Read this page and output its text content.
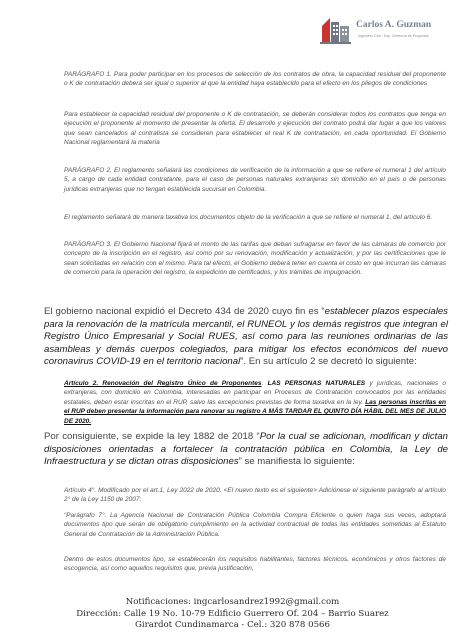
Carlos A. Guzman
Ingeniero Civil - Esp. Gerencia de Proyectos
PARÁGRAFO 1. Para poder participar en los procesos de selección de los contratos de obra, la capacidad residual del proponente o K de contratación deberá ser igual o superior al que la entidad haya establecido para el efecto en los pliegos de condiciones
Para establecer la capacidad residual del proponente o K de contratación, se deberán considerar todos los contratos que tenga en ejecución el proponente al momento de presentar la oferta. El desarrollo y ejecución del contrato podrá dar lugar a que los valores que sean cancelados al contratista se consideren para establecer el real K de contratación, en cada oportunidad. El Gobierno Nacional reglamentará la materia
PARÁGRAFO 2. El reglamento señalará las condiciones de verificación de la información a que se refiere el numeral 1 del artículo 5, a cargo de cada entidad contratante, para el caso de personas naturales extranjeras sin domicilio en el país o de personas jurídicas extranjeras que no tengan establecida sucursal en Colombia.
El reglamento señalará de manera taxativa los documentos objeto de la verificación a que se refiere el numeral 1, del artículo 6.
PARÁGRAFO 3. El Gobierno Nacional fijará el monto de las tarifas que deban sufragarse en favor de las cámaras de comercio por concepto de la inscripción en el registro, así como por su renovación, modificación y actualización, y por las certificaciones que le sean solicitadas en relación con el mismo. Para tal efecto, el Gobierno deberá tener en cuenta el costo en que incurran las cámaras de comercio para la operación del registro, la expedición de certificados, y los trámites de impugnación.
El gobierno nacional expidió el Decreto 434 de 2020 cuyo fin es “establecer plazos especiales para la renovación de la matrícula mercantil, el RUNEOL y los demás registros que integran el Registro Único Empresarial y Social RUES, así como para las reuniones ordinarias de las asambleas y demás cuerpos colegiados, para mitigar los efectos económicos del nuevo coronavirus COVID-19 en el territorio nacional”. En su artículo 2 se decretó lo siguiente:
Artículo 2. Renovación del Registro Único de Proponentes. LAS PERSONAS NATURALES y jurídicas, nacionales o extranjeras, con domicilio en Colombia, interesadas en participar en Procesos de Contratación convocados por las entidades estatales, deben estar inscritas en el RUP, salvo las excepciones previstas de forma taxativa en la ley. Las personas inscritas en el RUP deben presentar la información para renovar su registro A MÁS TARDAR EL QUINTO DÍA HÁBIL DEL MES DE JULIO DE 2020.
Por consiguiente, se expide la ley 1882 de 2018 “Por la cual se adicionan, modifican y dictan disposiciones orientadas a fortalecer la contratación pública en Colombia, la Ley de Infraestructura y se dictan otras disposiciones” se manifiesta lo siguiente:
Artículo 4°. Modificado por el art.1, Ley 2022 de 2020. <El nuevo texto es el siguiente> Adiciónese el siguiente parágrafo al artículo 2° de la Ley 1150 de 2007:
“Parágrafo 7°. La Agencia Nacional de Contratación Pública Colombia Compra Eficiente o quien haga sus veces, adoptará documentos tipo que serán de obligatorio cumplimiento en la actividad contractual de todas las entidades sometidas al Estatuto General de Contratación de la Administración Pública.
Dentro de estos documentos tipo, se establecerán los requisitos habilitantes, factores técnicos, económicos y otros factores de escogencia, así como aquellos requisitos que, previa justificación,
Notificaciones: ingcarlosandrez1992@gmail.com
Dirección: Calle 19 No. 10-79 Edificio Guerrero Of. 204 – Barrio Suarez
Girardot Cundinamarca - Cel.: 320 878 0566
